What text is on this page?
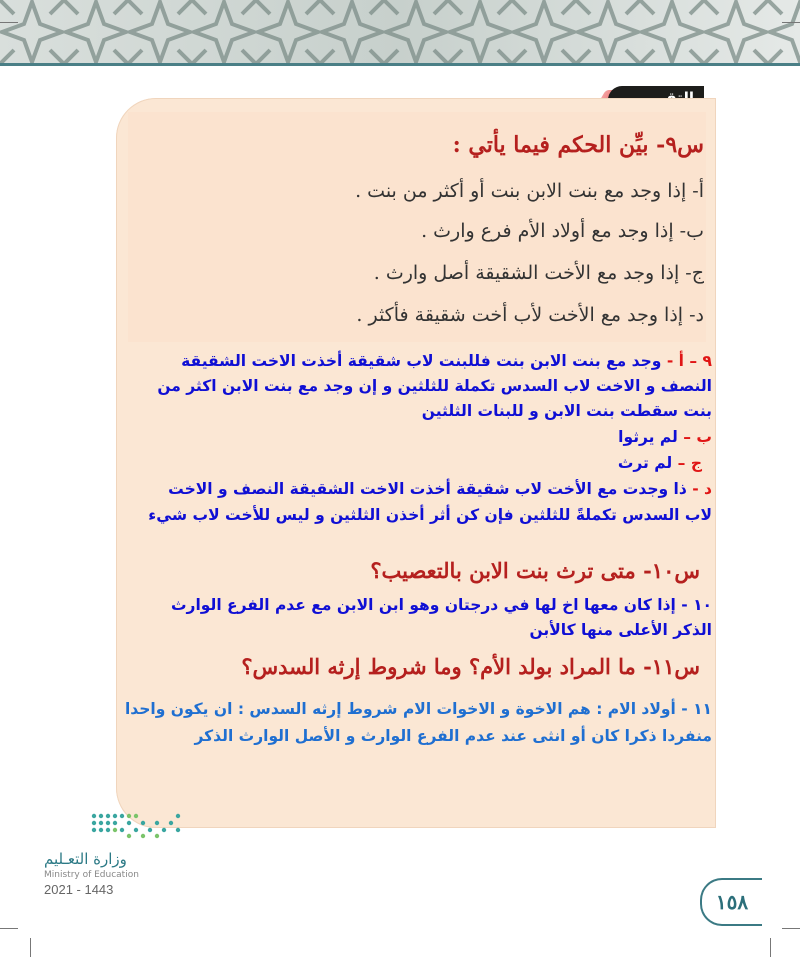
س٩- بيِّن الحكم فيما يأتي :
أ- إذا وجد مع بنت الابن بنت أو أكثر من بنت .
ب- إذا وجد مع أولاد الأم فرع وارث .
ج- إذا وجد مع الأخت الشقيقة أصل وارث .
د- إذا وجد مع الأخت لأب أخت شقيقة فأكثر .
٩ – أ - وجد مع بنت الابن بنت فللبنت لاب شقيقة أخذت الاخت الشقيقة
النصف و الاخت لاب السدس تكملة للثلثين و إن وجد مع بنت الابن اكثر من
بنت سقطت بنت الابن و للبنات الثلثين
ب – لم يرثوا
ج – لم ترث
د - ذا وجدت مع الأخت لاب شقيقة أخذت الاخت الشقيقة النصف و الاخت
لاب السدس تكملةً للثلثين فإن كن أثر أخذن الثلثين و ليس للأخت لاب شيء
س١٠- متى ترث بنت الابن بالتعصيب؟
١٠ - إذا كان معها اخ لها في درجتان وهو ابن الابن مع عدم الفرع الوارث
الذكر الأعلى منها كالأبن
س١١- ما المراد بولد الأم؟ وما شروط إرثه السدس؟
١١ - أولاد الام : هم الاخوة و الاخوات الام شروط إرثه السدس : ان يكون واحدا
منفردا ذكرا كان أو انثى عند عدم الفرع الوارث و الأصل الوارث الذكر
وزارة التعـليم
Ministry of Education
2021 - 1443
١٥٨
